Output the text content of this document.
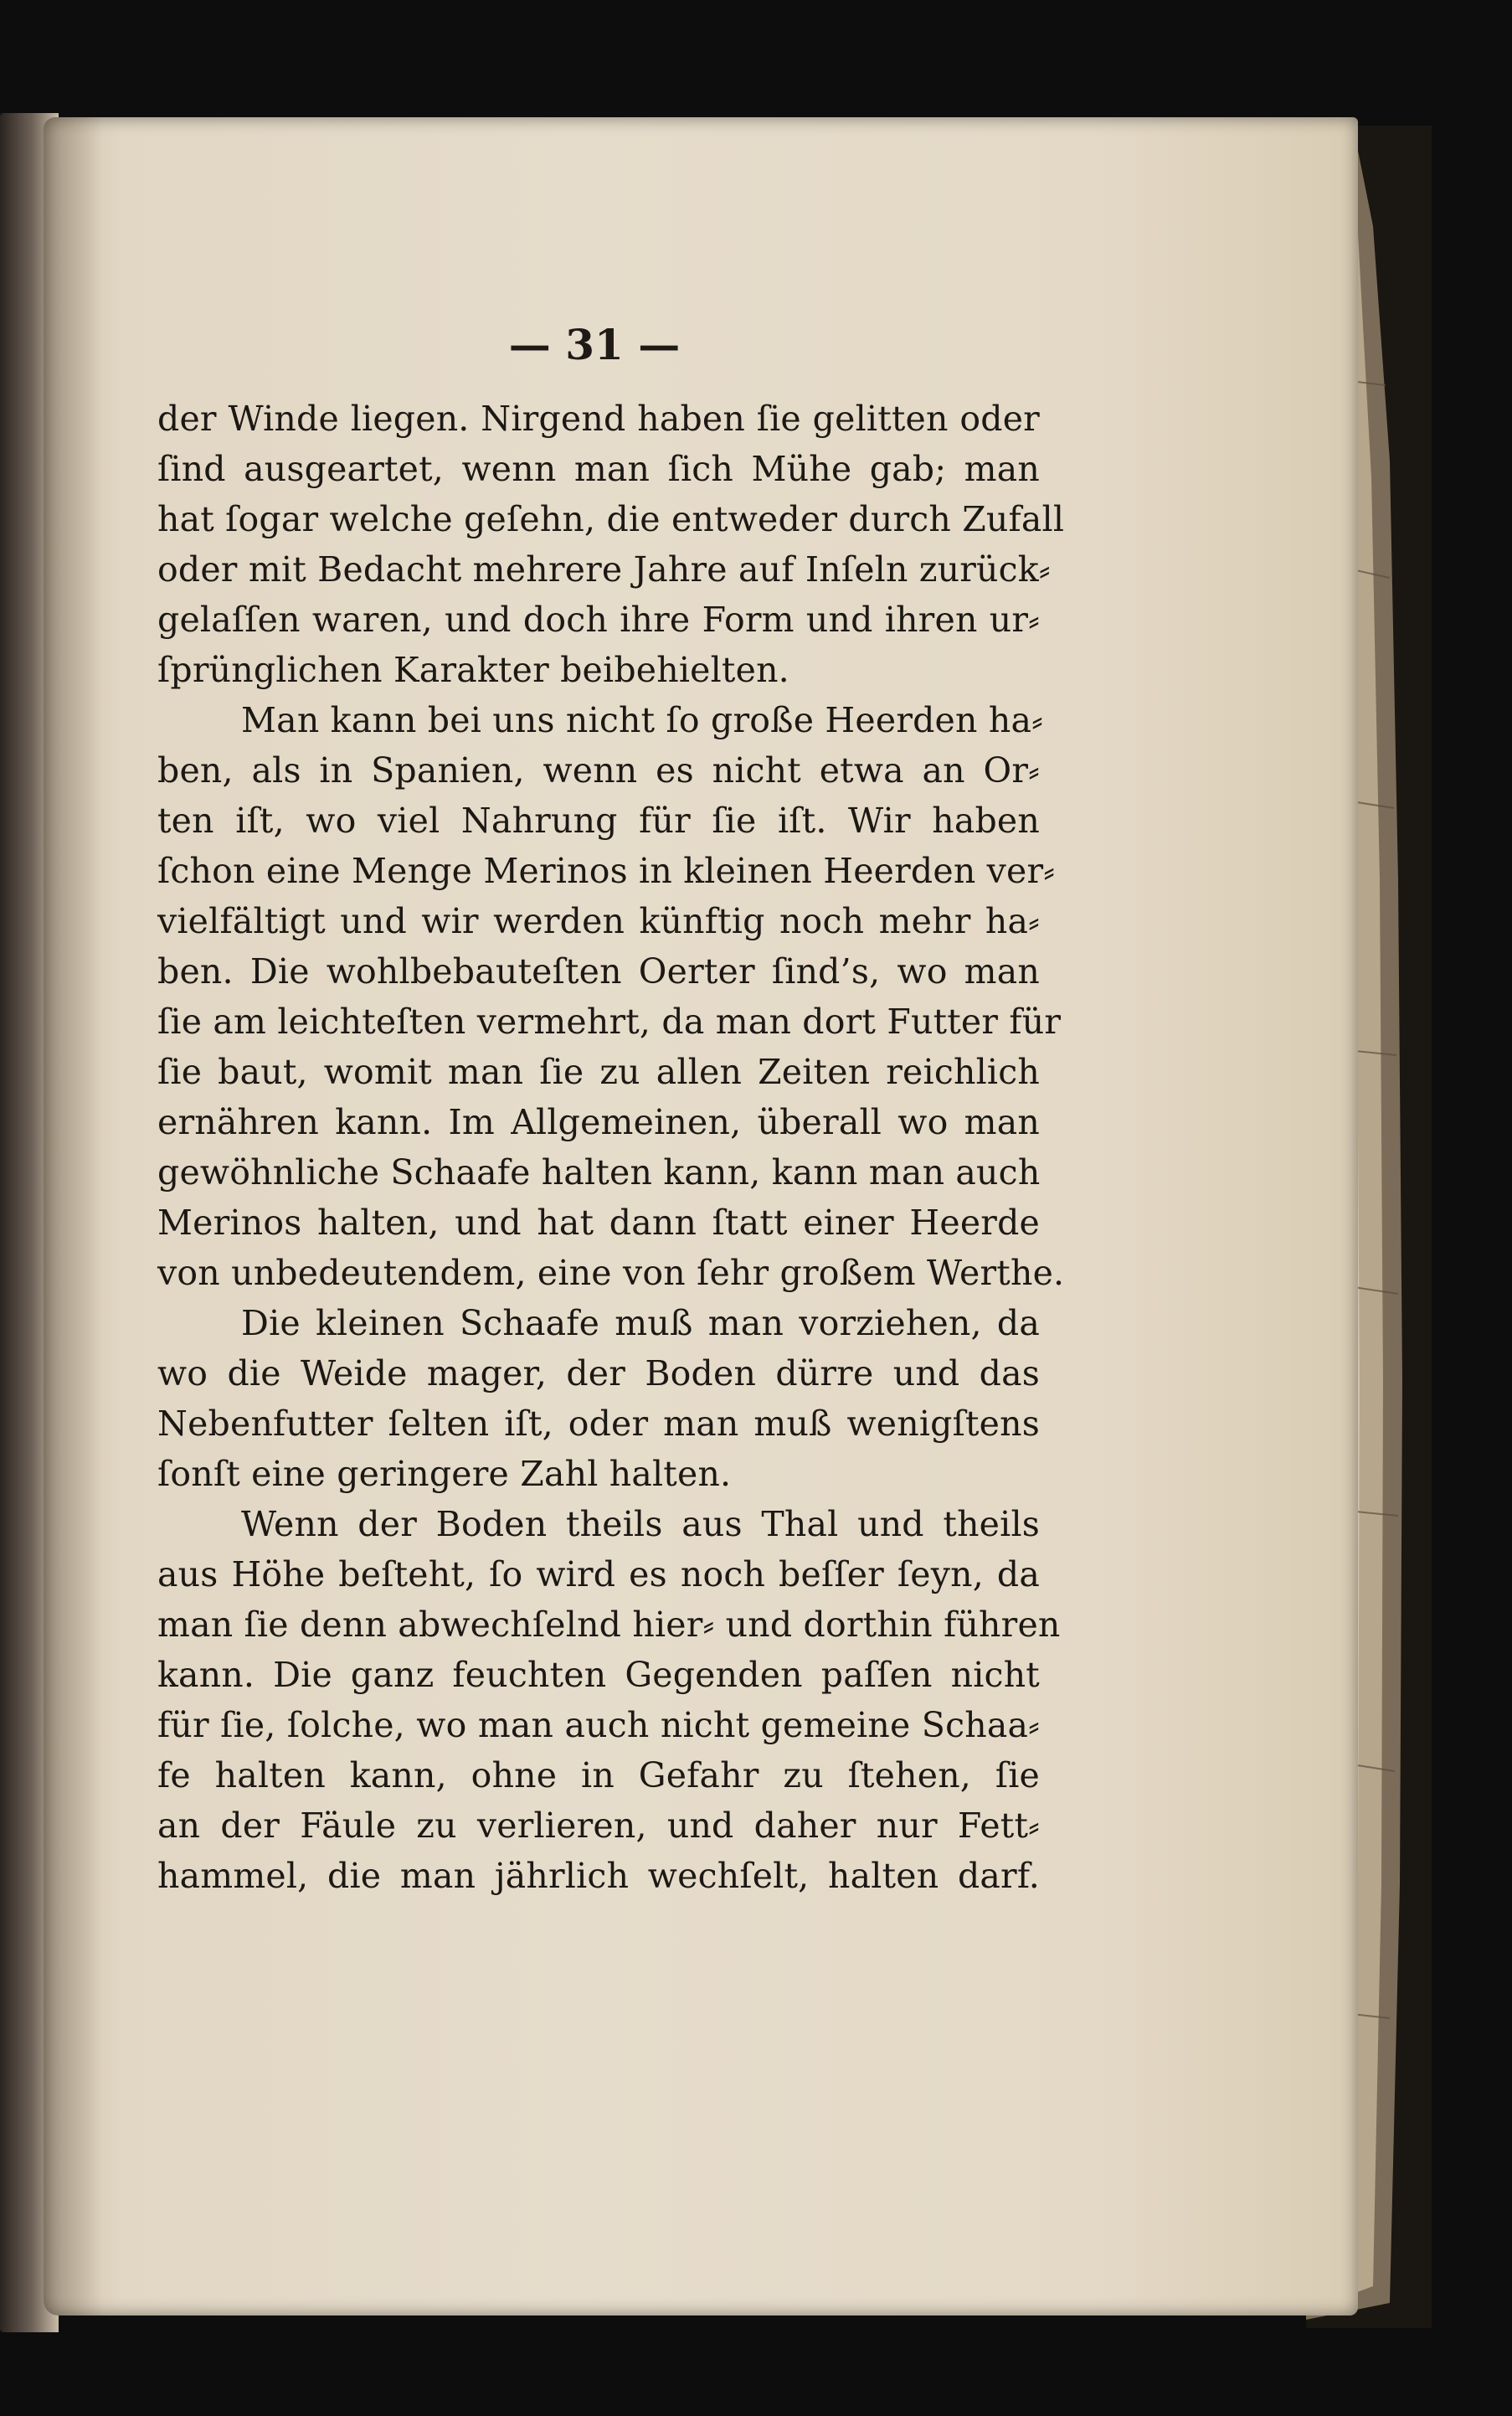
— 31 —
der Winde liegen. Nirgend haben ſie gelitten oder
ſind ausgeartet, wenn man ſich Mühe gab; man
hat ſogar welche geſehn, die entweder durch Zufall
oder mit Bedacht mehrere Jahre auf Inſeln zurück⸗
gelaſſen waren, und doch ihre Form und ihren ur⸗
ſprünglichen Karakter beibehielten.
Man kann bei uns nicht ſo große Heerden ha⸗
ben, als in Spanien, wenn es nicht etwa an Or⸗
ten iſt, wo viel Nahrung für ſie iſt. Wir haben
ſchon eine Menge Merinos in kleinen Heerden ver⸗
vielfältigt und wir werden künftig noch mehr ha⸗
ben. Die wohlbebauteſten Oerter ſind’s, wo man
ſie am leichteſten vermehrt, da man dort Futter für
ſie baut, womit man ſie zu allen Zeiten reichlich
ernähren kann. Im Allgemeinen, überall wo man
gewöhnliche Schaafe halten kann, kann man auch
Merinos halten, und hat dann ſtatt einer Heerde
von unbedeutendem, eine von ſehr großem Werthe.
Die kleinen Schaafe muß man vorziehen, da
wo die Weide mager, der Boden dürre und das
Nebenfutter ſelten iſt, oder man muß wenigſtens
ſonſt eine geringere Zahl halten.
Wenn der Boden theils aus Thal und theils
aus Höhe beſteht, ſo wird es noch beſſer ſeyn, da
man ſie denn abwechſelnd hier⸗ und dorthin führen
kann. Die ganz feuchten Gegenden paſſen nicht
für ſie, ſolche, wo man auch nicht gemeine Schaa⸗
fe halten kann, ohne in Gefahr zu ſtehen, ſie
an der Fäule zu verlieren, und daher nur Fett⸗
hammel, die man jährlich wechſelt, halten darf.
